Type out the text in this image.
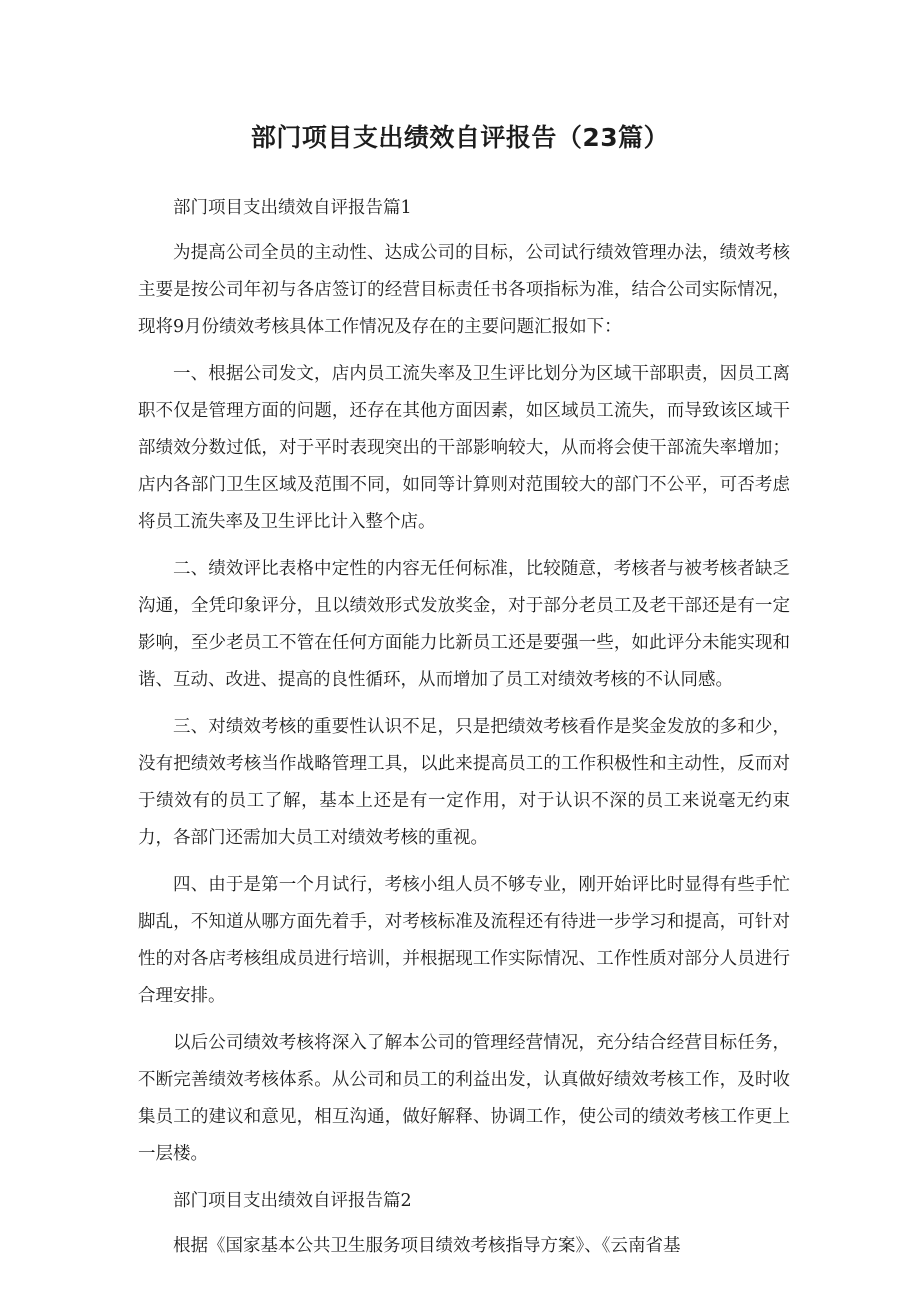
部门项目支出绩效自评报告（23篇）

部门项目支出绩效自评报告篇1

为提高公司全员的主动性、达成公司的目标，公司试行绩效管理办法，绩效考核主要是按公司年初与各店签订的经营目标责任书各项指标为准，结合公司实际情况，现将9月份绩效考核具体工作情况及存在的主要问题汇报如下：

一、根据公司发文，店内员工流失率及卫生评比划分为区域干部职责，因员工离职不仅是管理方面的问题，还存在其他方面因素，如区域员工流失，而导致该区域干部绩效分数过低，对于平时表现突出的干部影响较大，从而将会使干部流失率增加；店内各部门卫生区域及范围不同，如同等计算则对范围较大的部门不公平，可否考虑将员工流失率及卫生评比计入整个店。

二、绩效评比表格中定性的内容无任何标准，比较随意，考核者与被考核者缺乏沟通，全凭印象评分，且以绩效形式发放奖金，对于部分老员工及老干部还是有一定影响，至少老员工不管在任何方面能力比新员工还是要强一些，如此评分未能实现和谐、互动、改进、提高的良性循环，从而增加了员工对绩效考核的不认同感。

三、对绩效考核的重要性认识不足，只是把绩效考核看作是奖金发放的多和少，没有把绩效考核当作战略管理工具，以此来提高员工的工作积极性和主动性，反而对于绩效有的员工了解，基本上还是有一定作用，对于认识不深的员工来说毫无约束力，各部门还需加大员工对绩效考核的重视。

四、由于是第一个月试行，考核小组人员不够专业，刚开始评比时显得有些手忙脚乱，不知道从哪方面先着手，对考核标准及流程还有待进一步学习和提高，可针对性的对各店考核组成员进行培训，并根据现工作实际情况、工作性质对部分人员进行合理安排。

以后公司绩效考核将深入了解本公司的管理经营情况，充分结合经营目标任务，不断完善绩效考核体系。从公司和员工的利益出发，认真做好绩效考核工作，及时收集员工的建议和意见，相互沟通，做好解释、协调工作，使公司的绩效考核工作更上一层楼。

部门项目支出绩效自评报告篇2

根据《国家基本公共卫生服务项目绩效考核指导方案》、《云南省基
